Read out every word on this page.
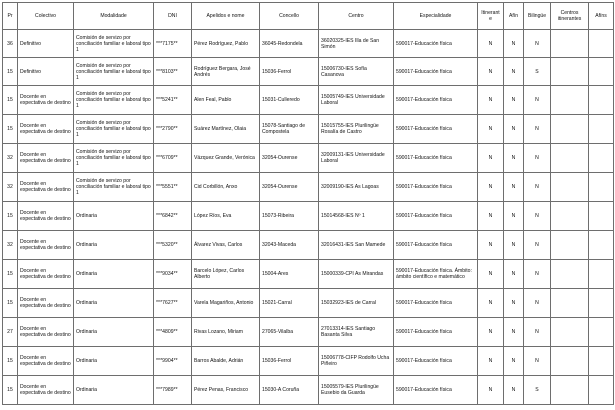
Pr	Colectivo	Modalidade	DNI	Apelidos e nome	Concello	Centro	Especialidade	Itinerante	Afín	Bilingüe	Centros itinerantes	Afíns
36	Definitivo	Comisión de servizo por conciliación familiar e laboral tipo 1	***7175**	Pérez Rodríguez, Pablo	36045-Redondela	36020325-IES Illa de San Simón	590017-Educación física	N	N	N		
15	Definitivo	Comisión de servizo por conciliación familiar e laboral tipo 1	***8103**	Rodríguez Bergara, José Andrés	15036-Ferrol	15006730-IES Sofía Casanova	590017-Educación física	N	N	S		
15	Docente en expectativa de destino	Comisión de servizo por conciliación familiar e laboral tipo 1	***5241**	Alen Feal, Pablo	15031-Culleredo	15005749-IES Universidade Laboral	590017-Educación física	N	N	N		
15	Docente en expectativa de destino	Comisión de servizo por conciliación familiar e laboral tipo 1	***2790**	Suárez Martínez, Olaia	15078-Santiago de Compostela	15015755-IES Plurilingüe Rosalía de Castro	590017-Educación física	N	N	N		
32	Docente en expectativa de destino	Comisión de servizo por conciliación familiar e laboral tipo 1	***6709**	Vázquez Grande, Verónica	32054-Ourense	32009131-IES Universidade Laboral	590017-Educación física	N	N	N		
32	Docente en expectativa de destino	Comisión de servizo por conciliación familiar e laboral tipo 1	***5551**	Cid Corbillón, Anxo	32054-Ourense	32009190-IES As Lagoas	590017-Educación física	N	N	N		
15	Docente en expectativa de destino	Ordinaria	***6842**	López Ríos, Eva	15073-Ribeira	15014568-IES Nº 1	590017-Educación física	N	N	N		
32	Docente en expectativa de destino	Ordinaria	***5320**	Álvarez Vivas, Carlos	32043-Maceda	32016431-IES San Mamede	590017-Educación física	N	N	N		
15	Docente en expectativa de destino	Ordinaria	***9034**	Barcelo López, Carlos Alberto	15004-Ares	15000339-CPI As Mirandas	590017-Educación física. Ámbito: ámbito científico e matemático	N	N	N		
15	Docente en expectativa de destino	Ordinaria	***7627**	Varela Magariños, Antonio	15021-Carral	15032923-IES de Carral	590017-Educación física	N	N	N		
27	Docente en expectativa de destino	Ordinaria	***4809**	Rivas Lozano, Miriam	27065-Vilalba	27013314-IES Santiago Basanta Silva	590017-Educación física	N	N	N		
15	Docente en expectativa de destino	Ordinaria	***9904**	Barros Abalde, Adrián	15036-Ferrol	15006778-CIFP Rodolfo Ucha Piñeiro	590017-Educación física	N	N	N		
15	Docente en expectativa de destino	Ordinaria	***7989**	Pérez Penas, Francisco	15030-A Coruña	15005579-IES Plurilingüe Eusebio da Guarda	590017-Educación física	N	N	S		
